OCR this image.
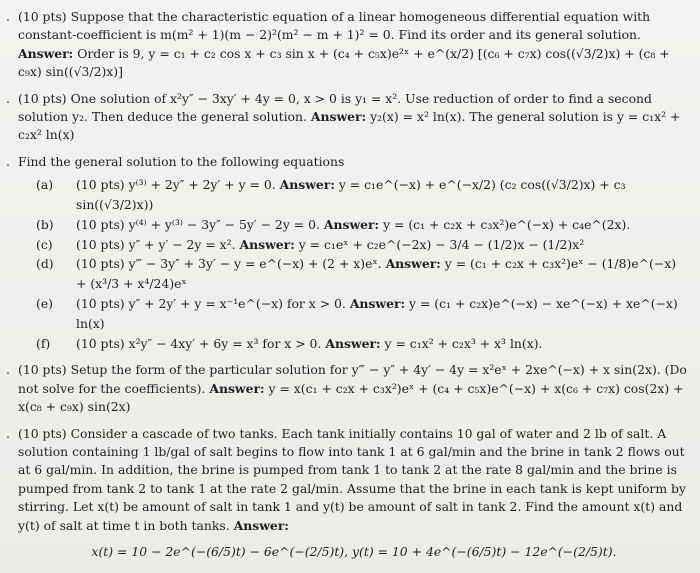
. (10 pts) Suppose that the characteristic equation of a linear homogeneous differential equation with constant-coefficient is m(m² + 1)(m − 2)²(m² − m + 1)² = 0. Find its order and its general solution. Answer: Order is 9, y = c₁ + c₂ cos x + c₃ sin x + (c₄ + c₅x)e²ˣ + e^(x/2) [(c₆ + c₇x) cos((√3/2)x) + (c₈ + c₉x) sin((√3/2)x)]
. (10 pts) One solution of x²y″ − 3xy′ + 4y = 0, x > 0 is y₁ = x². Use reduction of order to find a second solution y₂. Then deduce the general solution. Answer: y₂(x) = x² ln(x). The general solution is y = c₁x² + c₂x² ln(x)
. Find the general solution to the following equations
(a)	(10 pts) y⁽³⁾ + 2y″ + 2y′ + y = 0. Answer: y = c₁e^(−x) + e^(−x/2) (c₂ cos((√3/2)x) + c₃ sin((√3/2)x))
(b)	(10 pts) y⁽⁴⁾ + y⁽³⁾ − 3y″ − 5y′ − 2y = 0. Answer: y = (c₁ + c₂x + c₃x²)e^(−x) + c₄e^(2x).
(c)	(10 pts) y″ + y′ − 2y = x². Answer: y = c₁eˣ + c₂e^(−2x) − 3/4 − (1/2)x − (1/2)x²
(d)	(10 pts) y‴ − 3y″ + 3y′ − y = e^(−x) + (2 + x)eˣ. Answer: y = (c₁ + c₂x + c₃x²)eˣ − (1/8)e^(−x) + (x³/3 + x⁴/24)eˣ
(e)	(10 pts) y″ + 2y′ + y = x⁻¹e^(−x) for x > 0. Answer: y = (c₁ + c₂x)e^(−x) − xe^(−x) + xe^(−x) ln(x)
(f)	(10 pts) x²y″ − 4xy′ + 6y = x³ for x > 0. Answer: y = c₁x² + c₂x³ + x³ ln(x).
. (10 pts) Setup the form of the particular solution for y‴ − y″ + 4y′ − 4y = x²eˣ + 2xe^(−x) + x sin(2x). (Do not solve for the coefficients). Answer: y = x(c₁ + c₂x + c₃x²)eˣ + (c₄ + c₅x)e^(−x) + x(c₆ + c₇x) cos(2x) + x(c₈ + c₉x) sin(2x)
. (10 pts) Consider a cascade of two tanks. Each tank initially contains 10 gal of water and 2 lb of salt. A solution containing 1 lb/gal of salt begins to flow into tank 1 at 6 gal/min and the brine in tank 2 flows out at 6 gal/min. In addition, the brine is pumped from tank 1 to tank 2 at the rate 8 gal/min and the brine is pumped from tank 2 to tank 1 at the rate 2 gal/min. Assume that the brine in each tank is kept uniform by stirring. Let x(t) be amount of salt in tank 1 and y(t) be amount of salt in tank 2. Find the amount x(t) and y(t) of salt at time t in both tanks. Answer:
x(t) = 10 − 2e^(−(6/5)t) − 6e^(−(2/5)t), y(t) = 10 + 4e^(−(6/5)t) − 12e^(−(2/5)t).
